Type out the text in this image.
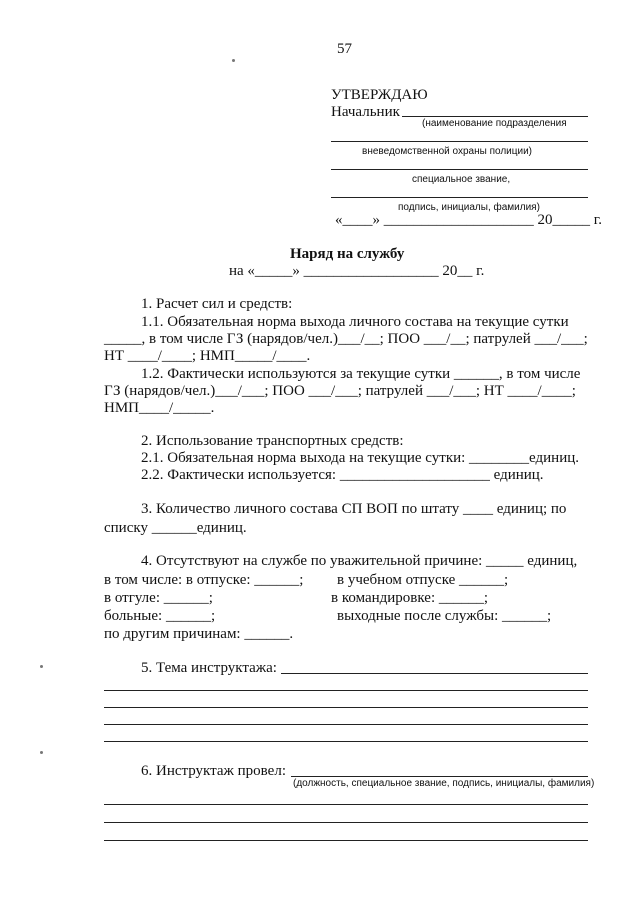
57
УТВЕРЖДАЮ
Начальник
(наименование подразделения
вневедомственной охраны полиции)
специальное звание,
подпись, инициалы, фамилия)
«____» ____________________ 20_____ г.
Наряд на службу
на «_____» __________________ 20__ г.
1. Расчет сил и средств:
1.1. Обязательная норма выхода личного состава на текущие сутки
_____, в том числе ГЗ (нарядов/чел.)___/__; ПОО ___/__; патрулей ___/___;
НТ ____/____; НМП_____/____.
1.2. Фактически используются за текущие сутки ______, в том числе
ГЗ (нарядов/чел.)___/___; ПОО ___/___; патрулей ___/___; НТ ____/____;
НМП____/_____.
2. Использование транспортных средств:
2.1. Обязательная норма выхода на текущие сутки: ________единиц.
2.2. Фактически используется: ____________________ единиц.
3. Количество личного состава СП ВОП по штату ____ единиц; по
списку ______единиц.
4. Отсутствуют на службе по уважительной причине: _____ единиц,
в том числе: в отпуске: ______; в учебном отпуске ______;
в отгуле: ______;	в командировке: ______;
больные: ______;	выходные после службы: ______;
по другим причинам: ______.
5. Тема инструктажа:
6. Инструктаж провел:
(должность, специальное звание, подпись, инициалы, фамилия)
